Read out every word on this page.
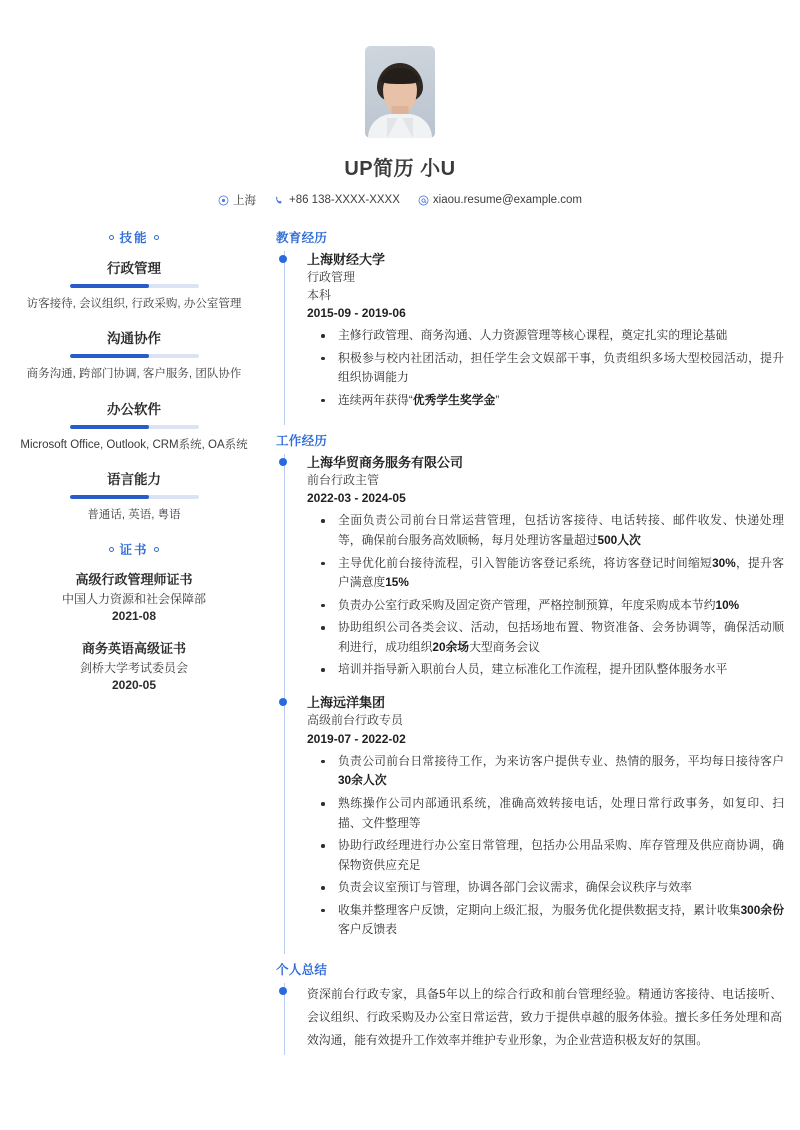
UP简历 小U
上海	+86 138-XXXX-XXXX	xiaou.resume@example.com
技能
行政管理
访客接待, 会议组织, 行政采购, 办公室管理
沟通协作
商务沟通, 跨部门协调, 客户服务, 团队协作
办公软件
Microsoft Office, Outlook, CRM系统, OA系统
语言能力
普通话, 英语, 粤语
证书
高级行政管理师证书
中国人力资源和社会保障部
2021-08
商务英语高级证书
剑桥大学考试委员会
2020-05
教育经历
上海财经大学
行政管理
本科
2015-09 - 2019-06
主修行政管理、商务沟通、人力资源管理等核心课程，奠定扎实的理论基础
积极参与校内社团活动，担任学生会文娱部干事，负责组织多场大型校园活动，提升组织协调能力
连续两年获得“优秀学生奖学金”
工作经历
上海华贸商务服务有限公司
前台行政主管
2022-03 - 2024-05
全面负责公司前台日常运营管理，包括访客接待、电话转接、邮件收发、快递处理等，确保前台服务高效顺畅，每月处理访客量超过500人次
主导优化前台接待流程，引入智能访客登记系统，将访客登记时间缩短30%，提升客户满意度15%
负责办公室行政采购及固定资产管理，严格控制预算，年度采购成本节约10%
协助组织公司各类会议、活动，包括场地布置、物资准备、会务协调等，确保活动顺利进行，成功组织20余场大型商务会议
培训并指导新入职前台人员，建立标准化工作流程，提升团队整体服务水平
上海远洋集团
高级前台行政专员
2019-07 - 2022-02
负责公司前台日常接待工作，为来访客户提供专业、热情的服务，平均每日接待客户30余人次
熟练操作公司内部通讯系统，准确高效转接电话，处理日常行政事务，如复印、扫描、文件整理等
协助行政经理进行办公室日常管理，包括办公用品采购、库存管理及供应商协调，确保物资供应充足
负责会议室预订与管理，协调各部门会议需求，确保会议秩序与效率
收集并整理客户反馈，定期向上级汇报，为服务优化提供数据支持，累计收集300余份客户反馈表
个人总结
资深前台行政专家，具备5年以上的综合行政和前台管理经验。精通访客接待、电话接听、会议组织、行政采购及办公室日常运营，致力于提供卓越的服务体验。擅长多任务处理和高效沟通，能有效提升工作效率并维护专业形象，为企业营造积极友好的氛围。
